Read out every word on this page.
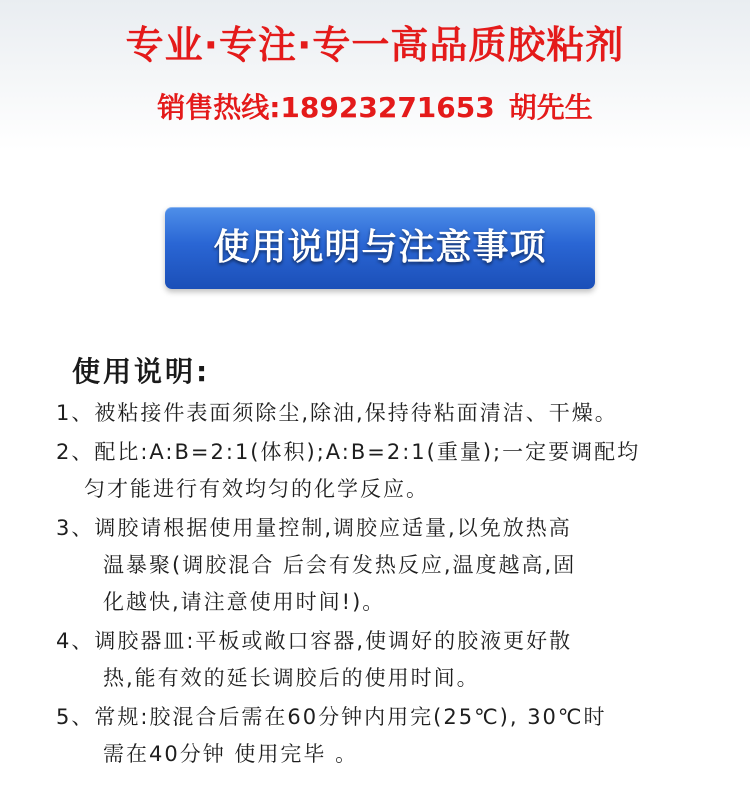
专业·专注·专一高品质胶粘剂
销售热线:18923271653 胡先生
使用说明与注意事项
使用说明:
1、被粘接件表面须除尘,除油,保持待粘面清洁、干燥。
2、配比:A:B=2:1(体积);A:B=2:1(重量);一定要调配均
匀才能进行有效均匀的化学反应。
3、调胶请根据使用量控制,调胶应适量,以免放热高
温暴聚(调胶混合 后会有发热反应,温度越高,固
化越快,请注意使用时间!)。
4、调胶器皿:平板或敞口容器,使调好的胶液更好散
热,能有效的延长调胶后的使用时间。
5、常规:胶混合后需在60分钟内用完(25℃), 30℃时
需在40分钟 使用完毕 。
